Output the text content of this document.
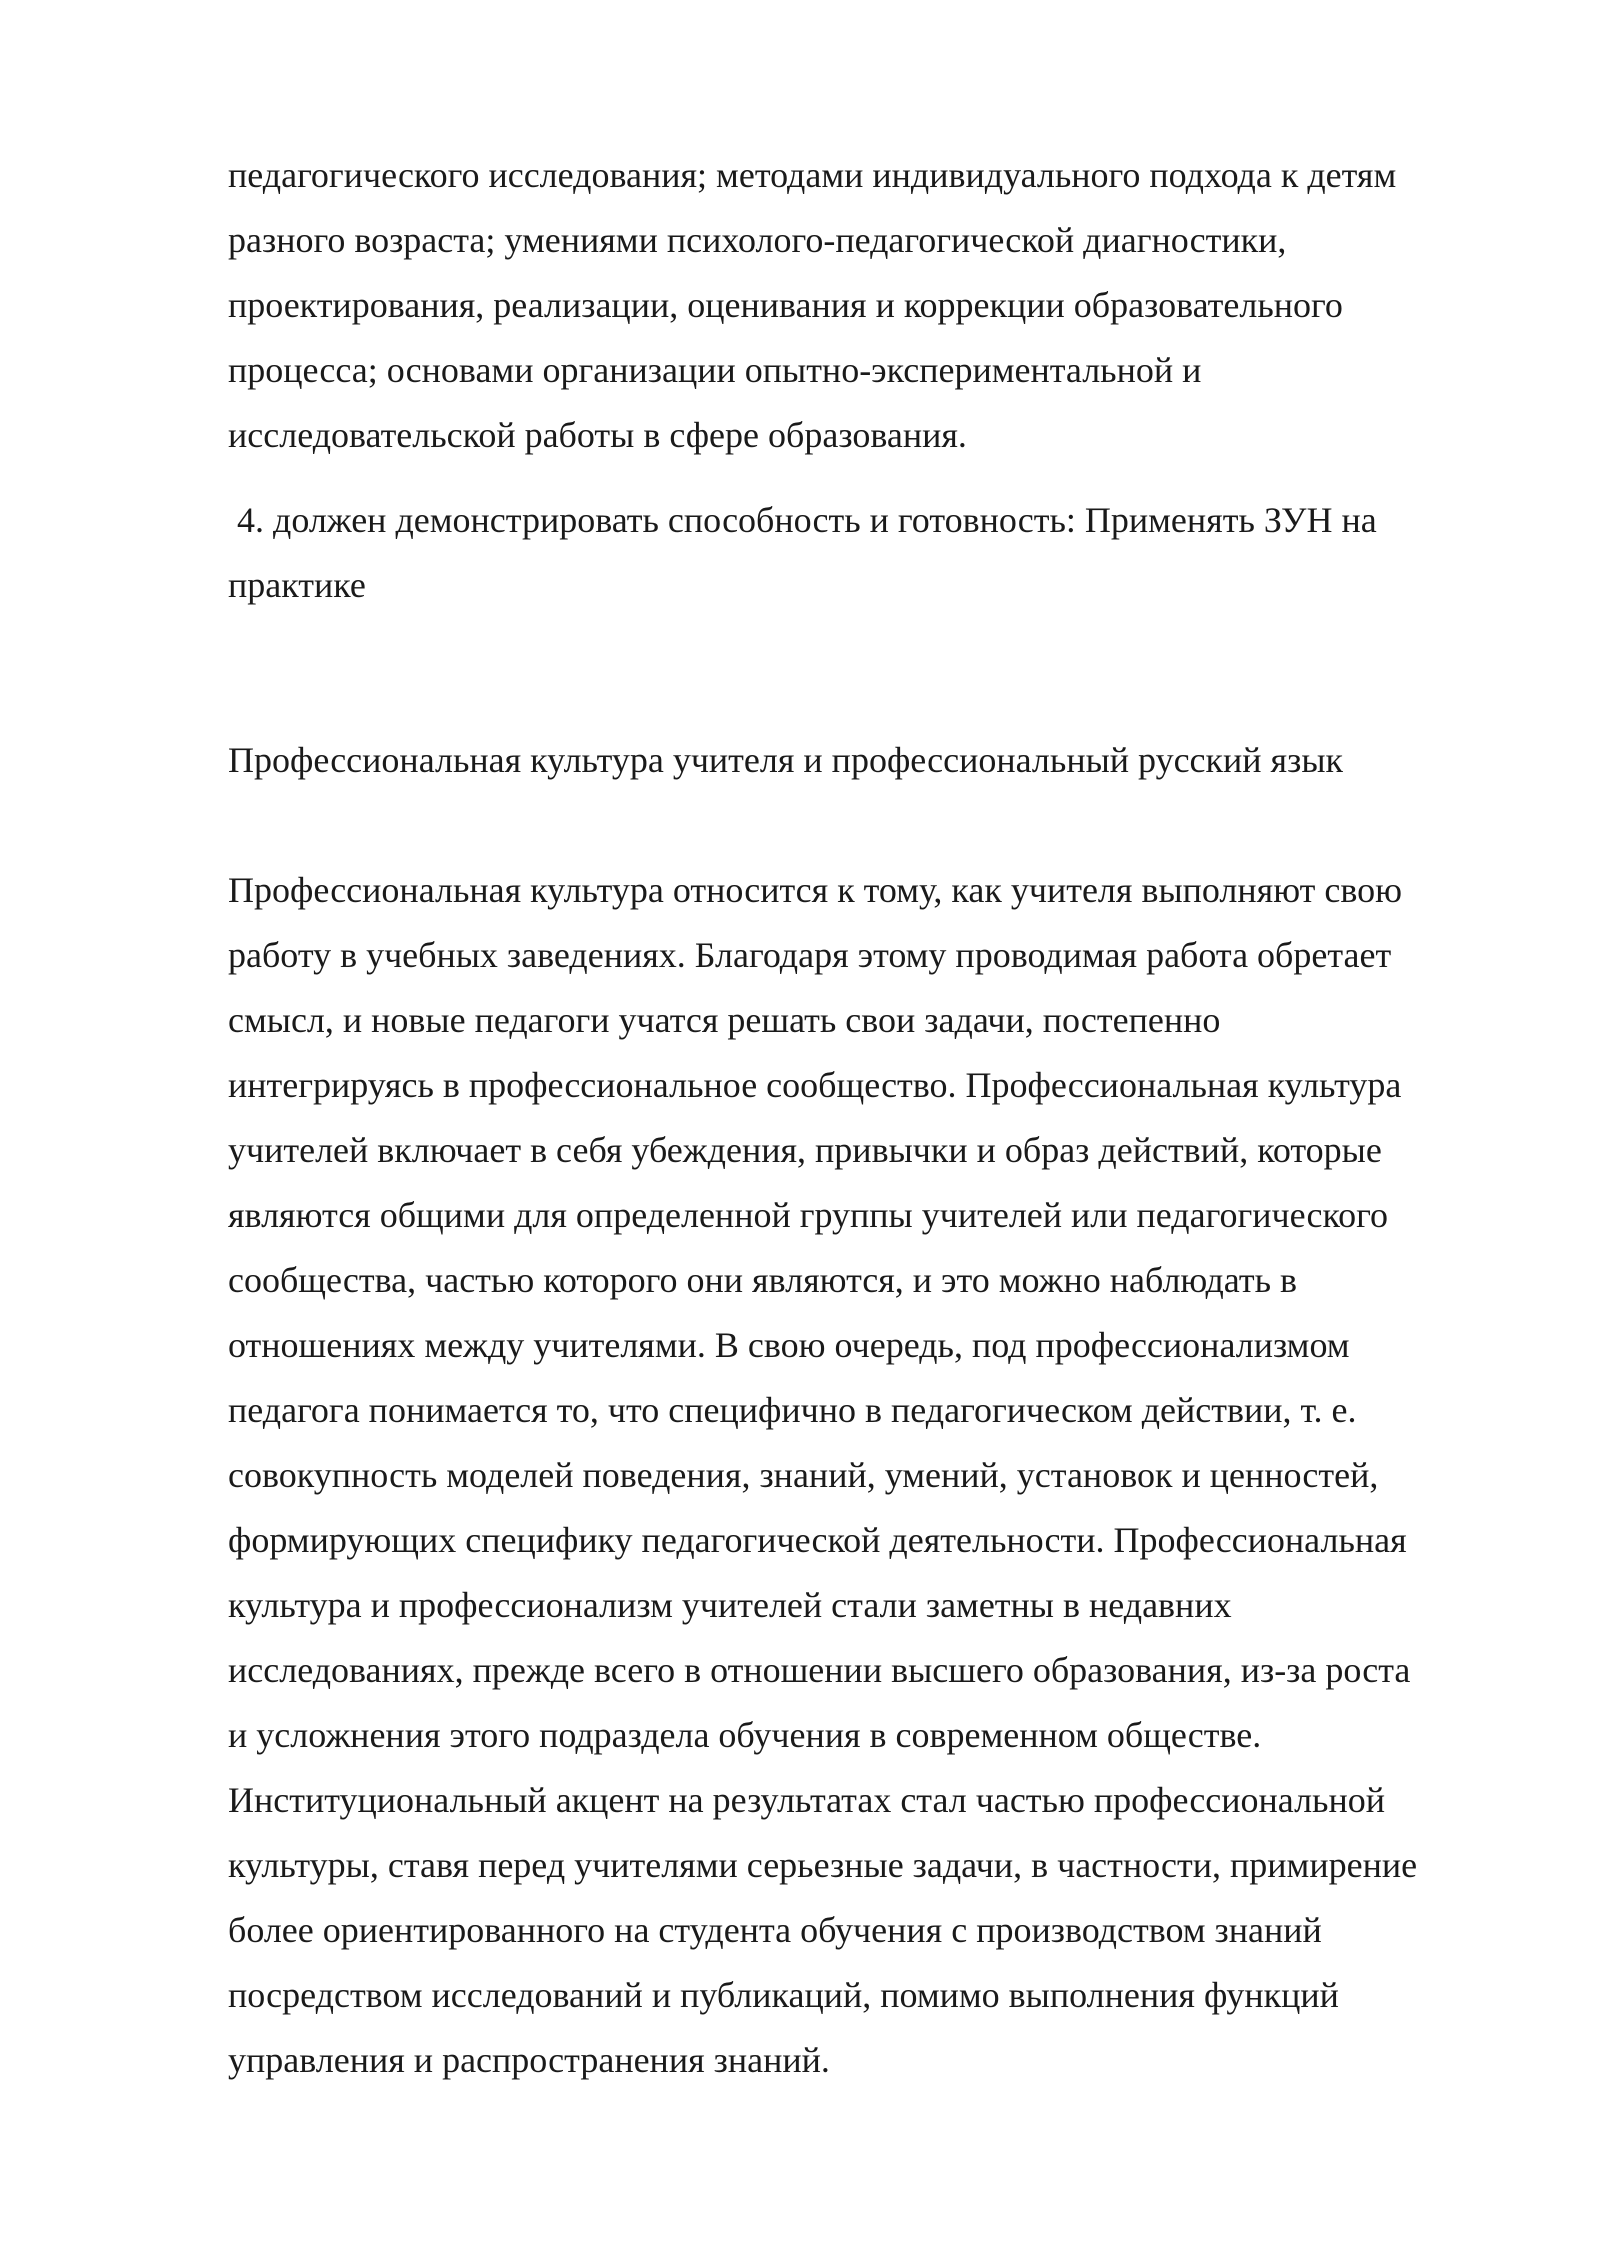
педагогического исследования; методами индивидуального подхода к детям
разного возраста; умениями психолого-педагогической диагностики,
проектирования, реализации, оценивания и коррекции образовательного
процесса; основами организации опытно-экспериментальной и
исследовательской работы в сфере образования.
4. должен демонстрировать способность и готовность: Применять ЗУН на
практике
Профессиональная культура учителя и профессиональный русский язык
Профессиональная культура относится к тому, как учителя выполняют свою
работу в учебных заведениях. Благодаря этому проводимая работа обретает
смысл, и новые педагоги учатся решать свои задачи, постепенно
интегрируясь в профессиональное сообщество. Профессиональная культура
учителей включает в себя убеждения, привычки и образ действий, которые
являются общими для определенной группы учителей или педагогического
сообщества, частью которого они являются, и это можно наблюдать в
отношениях между учителями. В свою очередь, под профессионализмом
педагога понимается то, что специфично в педагогическом действии, т. е.
совокупность моделей поведения, знаний, умений, установок и ценностей,
формирующих специфику педагогической деятельности. Профессиональная
культура и профессионализм учителей стали заметны в недавних
исследованиях, прежде всего в отношении высшего образования, из-за роста
и усложнения этого подраздела обучения в современном обществе.
Институциональный акцент на результатах стал частью профессиональной
культуры, ставя перед учителями серьезные задачи, в частности, примирение
более ориентированного на студента обучения с производством знаний
посредством исследований и публикаций, помимо выполнения функций
управления и распространения знаний.
